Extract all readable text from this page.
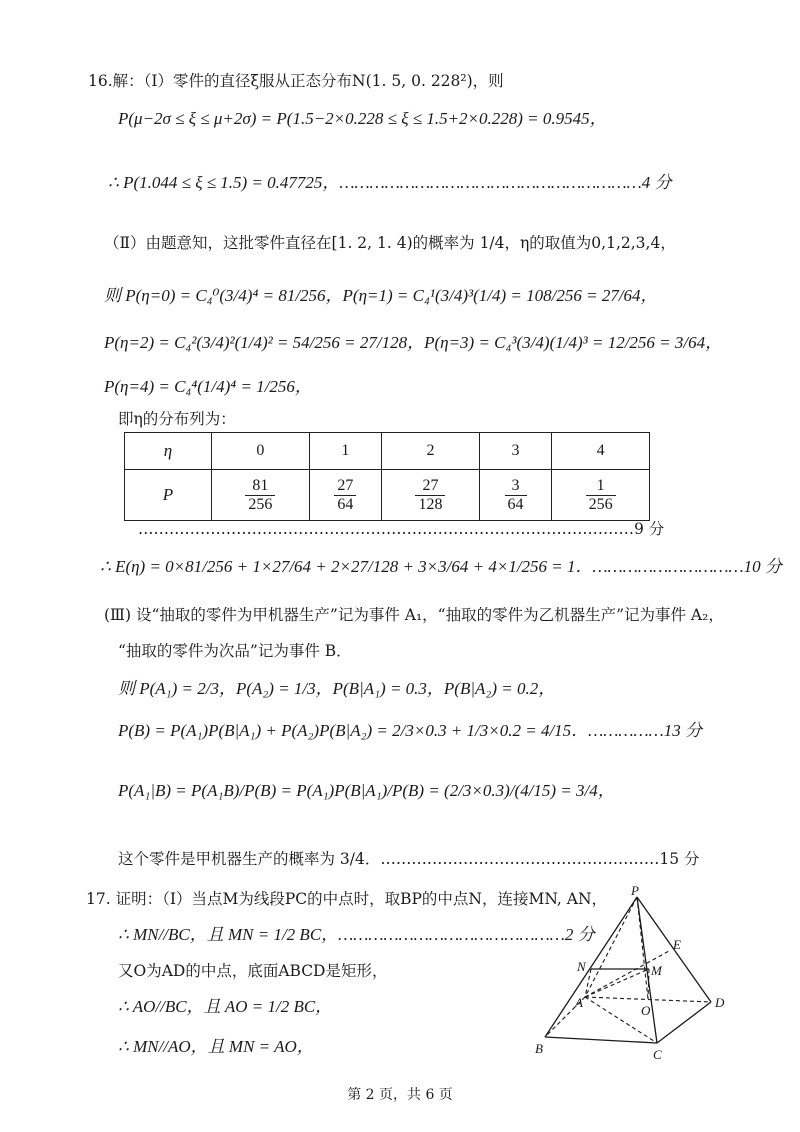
16.解：（Ⅰ）零件的直径ξ服从正态分布N(1. 5, 0. 228²)，则
P(μ−2σ ≤ ξ ≤ μ+2σ) = P(1.5−2×0.228 ≤ ξ ≤ 1.5+2×0.228) = 0.9545，
∴ P(1.044 ≤ ξ ≤ 1.5) = 0.47725，……………………………………………………4 分
（Ⅱ）由题意知，这批零件直径在[1. 2, 1. 4)的概率为 1/4，η的取值为0,1,2,3,4，
则 P(η=0) = C₄⁰(3/4)⁴ = 81/256，P(η=1) = C₄¹(3/4)³(1/4) = 108/256 = 27/64，
P(η=2) = C₄²(3/4)²(1/4)² = 54/256 = 27/128，P(η=3) = C₄³(3/4)(1/4)³ = 12/256 = 3/64，
P(η=4) = C₄⁴(1/4)⁴ = 1/256，
即η的分布列为：
η	0	1	2	3	4
P	$\frac{81}{256}$	$\frac{27}{64}$	$\frac{27}{128}$	$\frac{3}{64}$	$\frac{1}{256}$
……………………………………………………………………………………9 分
∴ E(η) = 0×81/256 + 1×27/64 + 2×27/128 + 3×3/64 + 4×1/256 = 1．…………………………10 分
(Ⅲ) 设“抽取的零件为甲机器生产”记为事件 A₁，“抽取的零件为乙机器生产”记为事件 A₂，
“抽取的零件为次品”记为事件 B．
则 P(A₁) = 2/3，P(A₂) = 1/3，P(B|A₁) = 0.3，P(B|A₂) = 0.2，
P(B) = P(A₁)P(B|A₁) + P(A₂)P(B|A₂) = 2/3×0.3 + 1/3×0.2 = 4/15．……………13 分
P(A₁|B) = P(A₁B)/P(B) = P(A₁)P(B|A₁)/P(B) = (2/3×0.3)/(4/15) = 3/4，
这个零件是甲机器生产的概率为 3/4．………………………………………………15 分
17. 证明：（Ⅰ）当点M为线段PC的中点时，取BP的中点N，连接MN, AN，
∴ MN//BC，且 MN = 1/2 BC，………………………………………2 分
又O为AD的中点，底面ABCD是矩形，
∴ AO//BC，且 AO = 1/2 BC，
∴ MN//AO，且 MN = AO，
P
E
N	M
A
O
D
B	C
第 2 页，共 6 页
